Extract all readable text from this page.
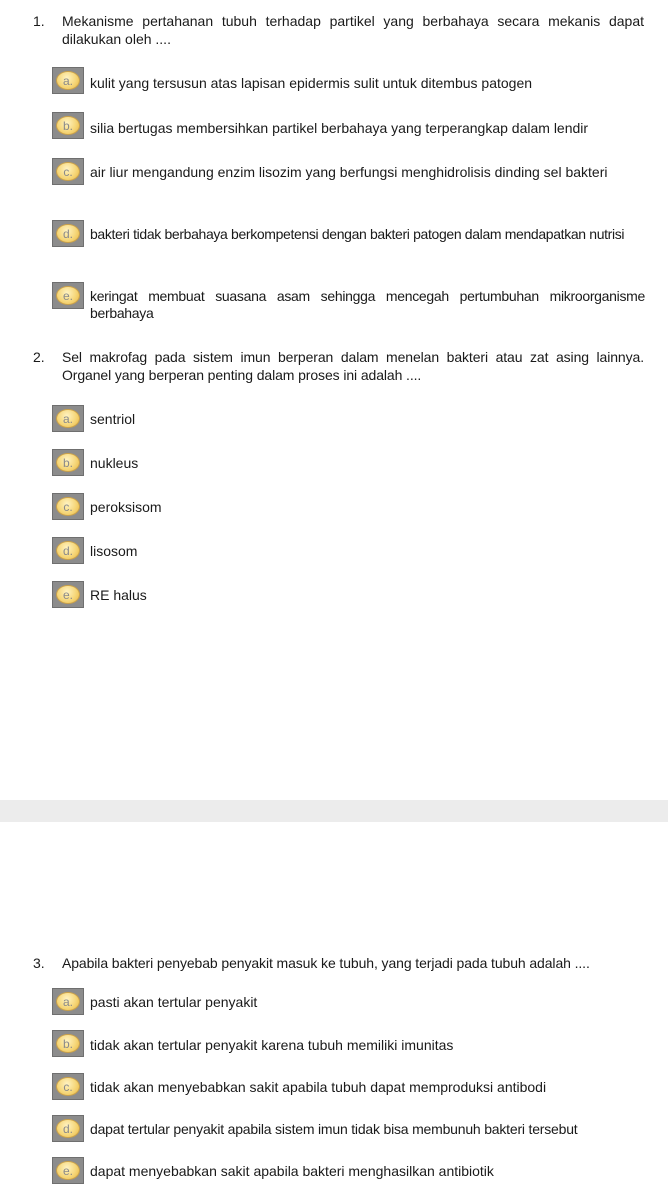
1. Mekanisme pertahanan tubuh terhadap partikel yang berbahaya secara mekanis dapat dilakukan oleh ....
a.	kulit yang tersusun atas lapisan epidermis sulit untuk ditembus patogen
b.	silia bertugas membersihkan partikel berbahaya yang terperangkap dalam lendir
c.	air liur mengandung enzim lisozim yang berfungsi menghidrolisis dinding sel bakteri
d.	bakteri tidak berbahaya berkompetensi dengan bakteri patogen dalam mendapatkan nutrisi
e.	keringat membuat suasana asam sehingga mencegah pertumbuhan mikroorganisme berbahaya
2. Sel makrofag pada sistem imun berperan dalam menelan bakteri atau zat asing lainnya. Organel yang berperan penting dalam proses ini adalah ....
a.	sentriol
b.	nukleus
c.	peroksisom
d.	lisosom
e.	RE halus
3. Apabila bakteri penyebab penyakit masuk ke tubuh, yang terjadi pada tubuh adalah ....
a.	pasti akan tertular penyakit
b.	tidak akan tertular penyakit karena tubuh memiliki imunitas
c.	tidak akan menyebabkan sakit apabila tubuh dapat memproduksi antibodi
d.	dapat tertular penyakit apabila sistem imun tidak bisa membunuh bakteri tersebut
e.	dapat menyebabkan sakit apabila bakteri menghasilkan antibiotik
